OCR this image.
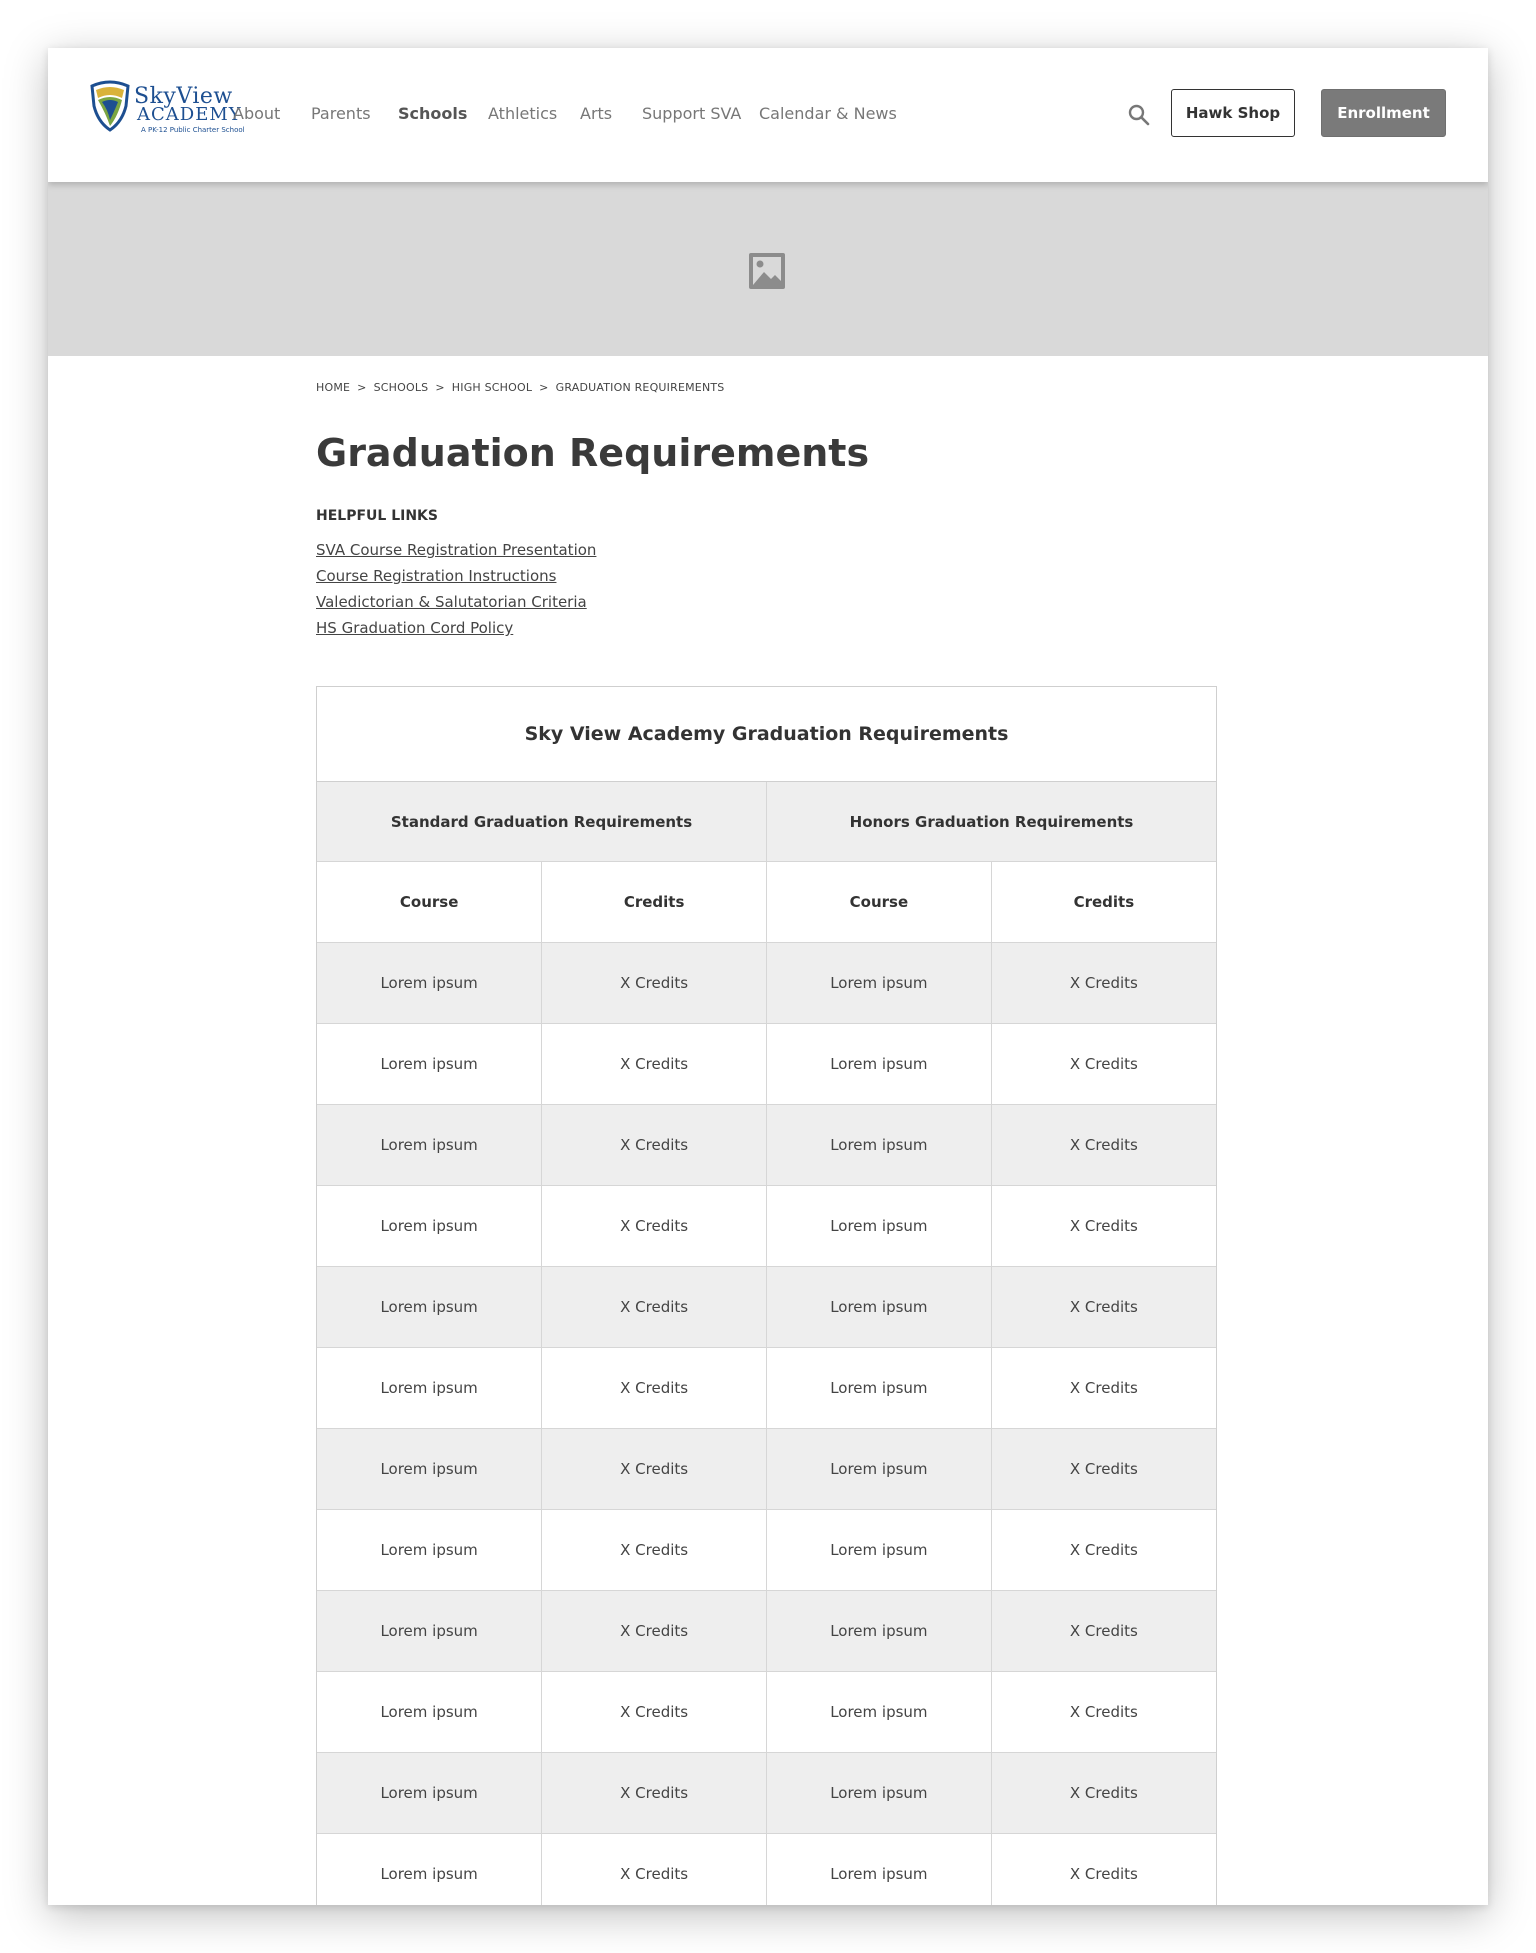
SkyView
ACADEMY
A PK-12 Public Charter School
About Parents Schools Athletics Arts Support SVA Calendar & News	Hawk Shop	Enrollment
HOME > SCHOOLS > HIGH SCHOOL > GRADUATION REQUIREMENTS
Graduation Requirements
HELPFUL LINKS
SVA Course Registration Presentation
Course Registration Instructions
Valedictorian & Salutatorian Criteria
HS Graduation Cord Policy
Sky View Academy Graduation Requirements
Standard Graduation Requirements		Honors Graduation Requirements	
Course	Credits	Course	Credits
Lorem ipsum	X Credits	Lorem ipsum	X Credits
Lorem ipsum	X Credits	Lorem ipsum	X Credits
Lorem ipsum	X Credits	Lorem ipsum	X Credits
Lorem ipsum	X Credits	Lorem ipsum	X Credits
Lorem ipsum	X Credits	Lorem ipsum	X Credits
Lorem ipsum	X Credits	Lorem ipsum	X Credits
Lorem ipsum	X Credits	Lorem ipsum	X Credits
Lorem ipsum	X Credits	Lorem ipsum	X Credits
Lorem ipsum	X Credits	Lorem ipsum	X Credits
Lorem ipsum	X Credits	Lorem ipsum	X Credits
Lorem ipsum	X Credits	Lorem ipsum	X Credits
Lorem ipsum	X Credits	Lorem ipsum	X Credits
